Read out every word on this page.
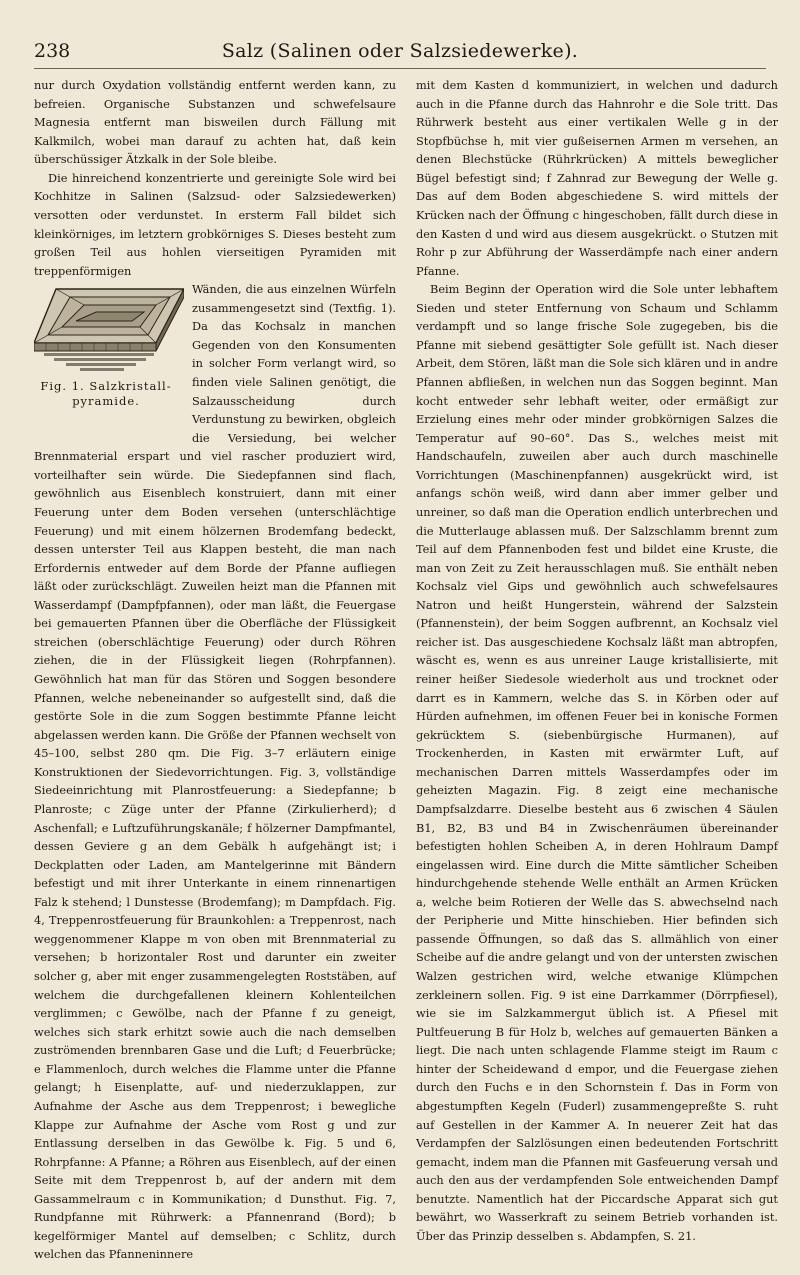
238	Salz (Salinen oder Salzsiedewerke).

nur durch Oxydation vollständig entfernt werden kann, zu befreien. Organische Substanzen und schwefelsaure Magnesia entfernt man bisweilen durch Fällung mit Kalkmilch, wobei man darauf zu achten hat, daß kein überschüssiger Ätzkalk in der Sole bleibe.

Die hinreichend konzentrierte und gereinigte Sole wird bei Kochhitze in Salinen (Salzsud- oder Salzsiedewerken) versotten oder verdunstet. In ersterm Fall bildet sich kleinkörniges, im letztern grobkörniges S. Dieses besteht zum großen Teil aus hohlen vierseitigen Pyramiden mit treppenförmigen

Fig. 1. Salzkristall-
pyramide.

Wänden, die aus einzelnen Würfeln zusammengesetzt sind (Textfig. 1). Da das Kochsalz in manchen Gegenden von den Konsumenten in solcher Form verlangt wird, so finden viele Salinen genötigt, die Salzausscheidung durch Verdunstung zu bewirken, obgleich die Versiedung, bei welcher Brennmaterial erspart und viel rascher produziert wird, vorteilhafter sein würde. Die Siedepfannen sind flach, gewöhnlich aus Eisenblech konstruiert, dann mit einer Feuerung unter dem Boden versehen (unterschlächtige Feuerung) und mit einem hölzernen Brodemfang bedeckt, dessen unterster Teil aus Klappen besteht, die man nach Erfordernis entweder auf dem Borde der Pfanne aufliegen läßt oder zurückschlägt. Zuweilen heizt man die Pfannen mit Wasserdampf (Dampfpfannen), oder man läßt, die Feuergase bei gemauerten Pfannen über die Oberfläche der Flüssigkeit streichen (oberschlächtige Feuerung) oder durch Röhren ziehen, die in der Flüssigkeit liegen (Rohrpfannen). Gewöhnlich hat man für das Stören und Soggen besondere Pfannen, welche nebeneinander so aufgestellt sind, daß die gestörte Sole in die zum Soggen bestimmte Pfanne leicht abgelassen werden kann. Die Größe der Pfannen wechselt von 45–100, selbst 280 qm. Die Fig. 3–7 erläutern einige Konstruktionen der Siedevorrichtungen. Fig. 3, vollständige Siedeeinrichtung mit Planrostfeuerung: a Siedepfanne; b Planroste; c Züge unter der Pfanne (Zirkulierherd); d Aschenfall; e Luftzuführungskanäle; f hölzerner Dampfmantel, dessen Geviere g an dem Gebälk h aufgehängt ist; i Deckplatten oder Laden, am Mantelgerinne mit Bändern befestigt und mit ihrer Unterkante in einem rinnenartigen Falz k stehend; l Dunstesse (Brodemfang); m Dampfdach. Fig. 4, Treppenrostfeuerung für Braunkohlen: a Treppenrost, nach weggenommener Klappe m von oben mit Brennmaterial zu versehen; b horizontaler Rost und darunter ein zweiter solcher g, aber mit enger zusammengelegten Roststäben, auf welchem die durchgefallenen kleinern Kohlenteilchen verglimmen; c Gewölbe, nach der Pfanne f zu geneigt, welches sich stark erhitzt sowie auch die nach demselben zuströmenden brennbaren Gase und die Luft; d Feuerbrücke; e Flammenloch, durch welches die Flamme unter die Pfanne gelangt; h Eisenplatte, auf- und niederzuklappen, zur Aufnahme der Asche aus dem Treppenrost; i bewegliche Klappe zur Aufnahme der Asche vom Rost g und zur Entlassung derselben in das Gewölbe k. Fig. 5 und 6, Rohrpfanne: A Pfanne; a Röhren aus Eisenblech, auf der einen Seite mit dem Treppenrost b, auf der andern mit dem Gassammelraum c in Kommunikation; d Dunsthut. Fig. 7, Rundpfanne mit Rührwerk: a Pfannenrand (Bord); b kegelförmiger Mantel auf demselben; c Schlitz, durch welchen das Pfanneninnere

mit dem Kasten d kommuniziert, in welchen und dadurch auch in die Pfanne durch das Hahnrohr e die Sole tritt. Das Rührwerk besteht aus einer vertikalen Welle g in der Stopfbüchse h, mit vier gußeisernen Armen m versehen, an denen Blechstücke (Rührkrücken) A mittels beweglicher Bügel befestigt sind; f Zahnrad zur Bewegung der Welle g. Das auf dem Boden abgeschiedene S. wird mittels der Krücken nach der Öffnung c hingeschoben, fällt durch diese in den Kasten d und wird aus diesem ausgekrückt. o Stutzen mit Rohr p zur Abführung der Wasserdämpfe nach einer andern Pfanne.

Beim Beginn der Operation wird die Sole unter lebhaftem Sieden und steter Entfernung von Schaum und Schlamm verdampft und so lange frische Sole zugegeben, bis die Pfanne mit siebend gesättigter Sole gefüllt ist. Nach dieser Arbeit, dem Stören, läßt man die Sole sich klären und in andre Pfannen abfließen, in welchen nun das Soggen beginnt. Man kocht entweder sehr lebhaft weiter, oder ermäßigt zur Erzielung eines mehr oder minder grobkörnigen Salzes die Temperatur auf 90–60°. Das S., welches meist mit Handschaufeln, zuweilen aber auch durch maschinelle Vorrichtungen (Maschinenpfannen) ausgekrückt wird, ist anfangs schön weiß, wird dann aber immer gelber und unreiner, so daß man die Operation endlich unterbrechen und die Mutterlauge ablassen muß. Der Salzschlamm brennt zum Teil auf dem Pfannenboden fest und bildet eine Kruste, die man von Zeit zu Zeit herausschlagen muß. Sie enthält neben Kochsalz viel Gips und gewöhnlich auch schwefelsaures Natron und heißt Hungerstein, während der Salzstein (Pfannenstein), der beim Soggen aufbrennt, an Kochsalz viel reicher ist. Das ausgeschiedene Kochsalz läßt man abtropfen, wäscht es, wenn es aus unreiner Lauge kristallisierte, mit reiner heißer Siedesole wiederholt aus und trocknet oder darrt es in Kammern, welche das S. in Körben oder auf Hürden aufnehmen, im offenen Feuer bei in konische Formen gekrücktem S. (siebenbürgische Hurmanen), auf Trockenherden, in Kasten mit erwärmter Luft, auf mechanischen Darren mittels Wasserdampfes oder im geheizten Magazin. Fig. 8 zeigt eine mechanische Dampfsalzdarre. Dieselbe besteht aus 6 zwischen 4 Säulen B1, B2, B3 und B4 in Zwischenräumen übereinander befestigten hohlen Scheiben A, in deren Hohlraum Dampf eingelassen wird. Eine durch die Mitte sämtlicher Scheiben hindurchgehende stehende Welle enthält an Armen Krücken a, welche beim Rotieren der Welle das S. abwechselnd nach der Peripherie und Mitte hinschieben. Hier befinden sich passende Öffnungen, so daß das S. allmählich von einer Scheibe auf die andre gelangt und von der untersten zwischen Walzen gestrichen wird, welche etwanige Klümpchen zerkleinern sollen. Fig. 9 ist eine Darrkammer (Dörrpfiesel), wie sie im Salzkammergut üblich ist. A Pfiesel mit Pultfeuerung B für Holz b, welches auf gemauerten Bänken a liegt. Die nach unten schlagende Flamme steigt im Raum c hinter der Scheidewand d empor, und die Feuergase ziehen durch den Fuchs e in den Schornstein f. Das in Form von abgestumpften Kegeln (Fuderl) zusammengepreßte S. ruht auf Gestellen in der Kammer A. In neuerer Zeit hat das Verdampfen der Salzlösungen einen bedeutenden Fortschritt gemacht, indem man die Pfannen mit Gasfeuerung versah und auch den aus der verdampfenden Sole entweichenden Dampf benutzte. Namentlich hat der Piccardsche Apparat sich gut bewährt, wo Wasserkraft zu seinem Betrieb vorhanden ist. Über das Prinzip desselben s. Abdampfen, S. 21.
